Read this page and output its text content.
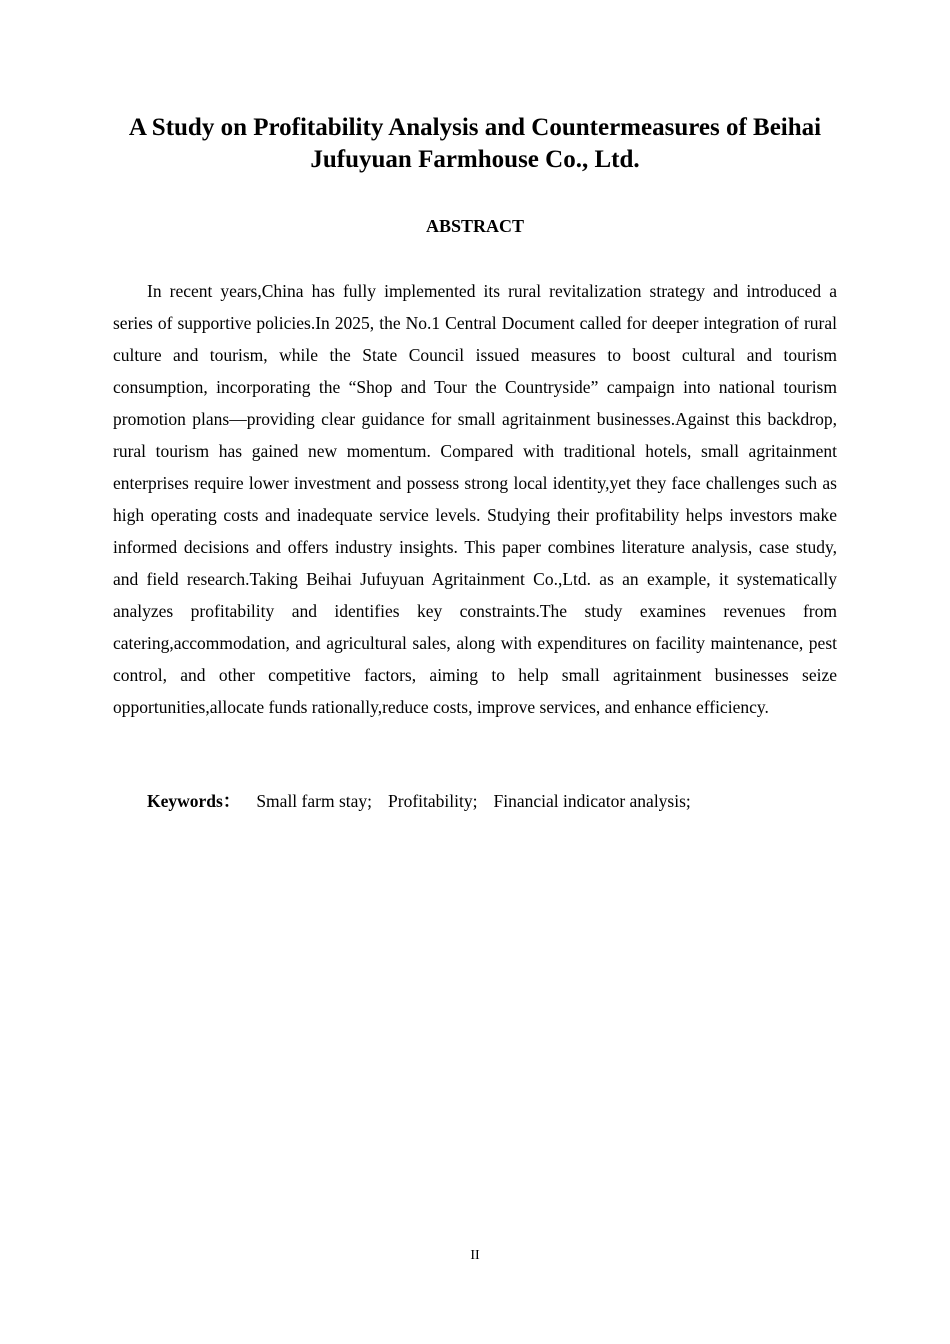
A Study on Profitability Analysis and Countermeasures of Beihai Jufuyuan Farmhouse Co., Ltd.
ABSTRACT

In recent years,China has fully implemented its rural revitalization strategy and introduced a series of supportive policies.In 2025, the No.1 Central Document called for deeper integration of rural culture and tourism, while the State Council issued measures to boost cultural and tourism consumption, incorporating the “Shop and Tour the Countryside” campaign into national tourism promotion plans—providing clear guidance for small agritainment businesses.Against this backdrop, rural tourism has gained new momentum. Compared with traditional hotels, small agritainment enterprises require lower investment and possess strong local identity,yet they face challenges such as high operating costs and inadequate service levels. Studying their profitability helps investors make informed decisions and offers industry insights. This paper combines literature analysis, case study, and field research.Taking Beihai Jufuyuan Agritainment Co.,Ltd. as an example, it systematically analyzes profitability and identifies key constraints.The study examines revenues from catering,accommodation, and agricultural sales, along with expenditures on facility maintenance, pest control, and other competitive factors, aiming to help small agritainment businesses seize opportunities,allocate funds rationally,reduce costs, improve services, and enhance efficiency.

Keywords： Small farm stay; Profitability; Financial indicator analysis;

II
